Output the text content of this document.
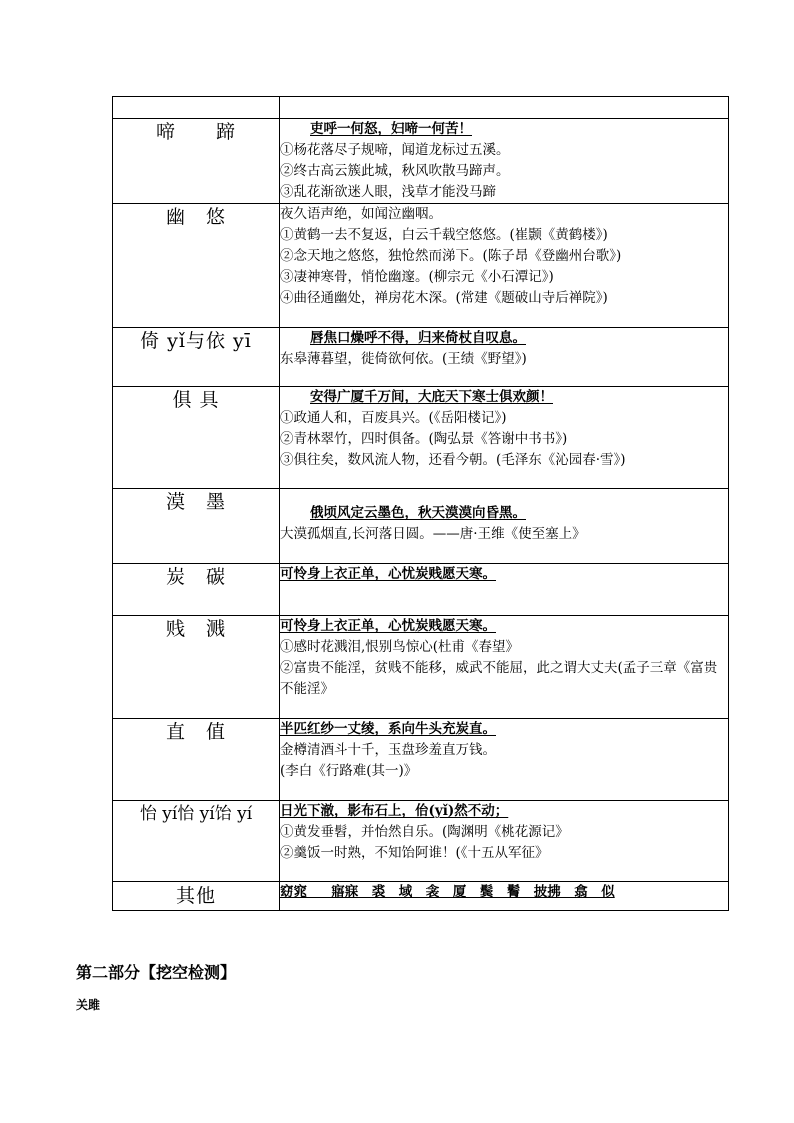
啼　　蹄	吏呼一何怒，妇啼一何苦！
①杨花落尽子规啼，闻道龙标过五溪。
②终古高云簇此城，秋风吹散马蹄声。
③乱花渐欲迷人眼，浅草才能没马蹄

幽　悠	夜久语声绝，如闻泣幽咽。
①黄鹤一去不复返，白云千载空悠悠。(崔颢《黄鹤楼》)
②念天地之悠悠，独怆然而涕下。(陈子昂《登幽州台歌》)
③凄神寒骨，悄怆幽邃。(柳宗元《小石潭记》)
④曲径通幽处，禅房花木深。(常建《题破山寺后禅院》)

倚 yǐ与依 yī	唇焦口燥呼不得，归来倚杖自叹息。
东皋薄暮望，徙倚欲何依。(王绩《野望》)

俱 具	安得广厦千万间，大庇天下寒士俱欢颜！
①政通人和，百废具兴。(《岳阳楼记》)
②青林翠竹，四时俱备。(陶弘景《答谢中书书》)
③俱往矣，数风流人物，还看今朝。(毛泽东《沁园春·雪》)

漠　墨	俄顷风定云墨色，秋天漠漠向昏黑。
大漠孤烟直,长河落日圆。——唐·王维《使至塞上》

炭　碳	可怜身上衣正单，心忧炭贱愿天寒。

贱　溅	可怜身上衣正单，心忧炭贱愿天寒。
①感时花溅泪,恨别鸟惊心(杜甫《春望》
②富贵不能淫，贫贱不能移，威武不能屈，此之谓大丈夫(孟子三章《富贵不能淫》

直　值	半匹红纱一丈绫，系向牛头充炭直。
金樽清酒斗十千，玉盘珍羞直万钱。
(李白《行路难(其一)》

怡 yí怡 yí饴 yí	日光下澈，影布石上，佁(yǐ)然不动；
①黄发垂髫，并怡然自乐。(陶渊明《桃花源记》
②羹饭一时熟，不知饴阿谁！(《十五从军征》

其他	窈窕　 寤寐　裘　域　衾　厦　鬓　鬌　披拂　翕　似
第二部分【挖空检测】
关雎
